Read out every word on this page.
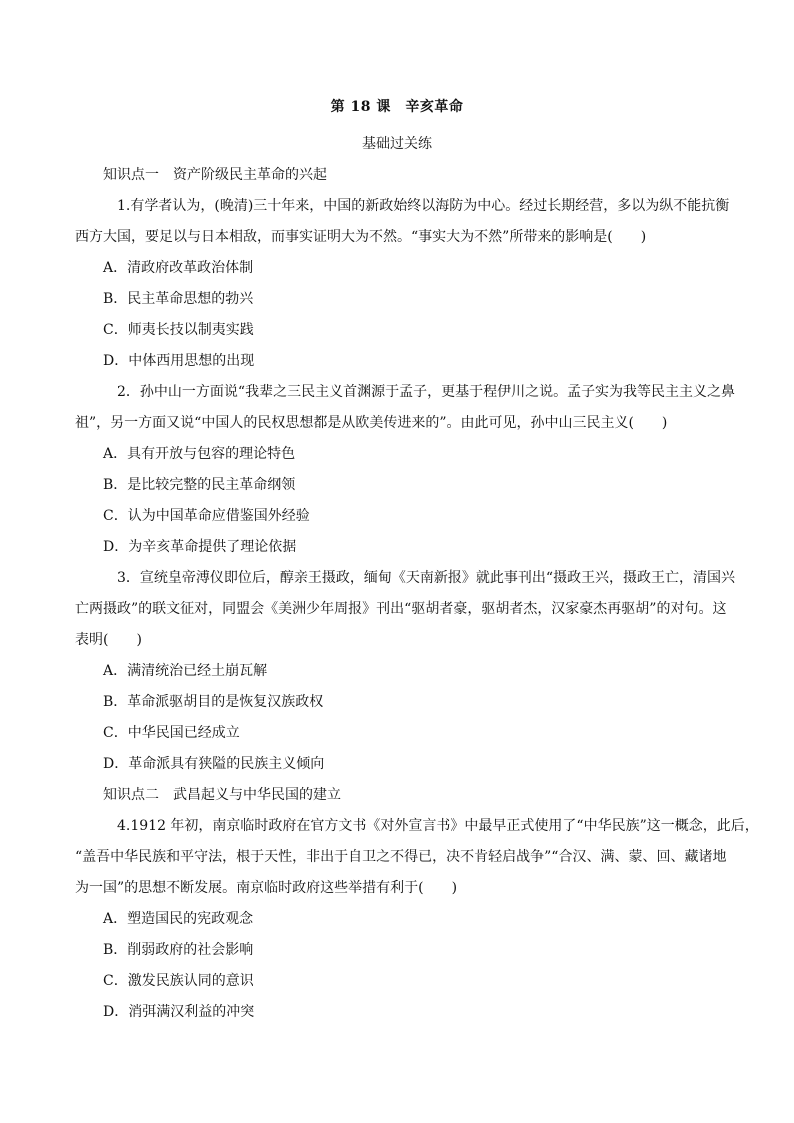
第 18 课　辛亥革命
基础过关练
知识点一　资产阶级民主革命的兴起
1.有学者认为，(晚清)三十年来，中国的新政始终以海防为中心。经过长期经营，多以为纵不能抗衡
西方大国，要足以与日本相敌，而事实证明大为不然。“事实大为不然”所带来的影响是(　　)
A．清政府改革政治体制
B．民主革命思想的勃兴
C．师夷长技以制夷实践
D．中体西用思想的出现
2．孙中山一方面说“我辈之三民主义首渊源于孟子，更基于程伊川之说。孟子实为我等民主主义之鼻
祖”，另一方面又说“中国人的民权思想都是从欧美传进来的”。由此可见，孙中山三民主义(　　)
A．具有开放与包容的理论特色
B．是比较完整的民主革命纲领
C．认为中国革命应借鉴国外经验
D．为辛亥革命提供了理论依据
3．宣统皇帝溥仪即位后，醇亲王摄政，缅甸《天南新报》就此事刊出“摄政王兴，摄政王亡，清国兴
亡两摄政”的联文征对，同盟会《美洲少年周报》刊出“驱胡者豪，驱胡者杰，汉家豪杰再驱胡”的对句。这
表明(　　)
A．满清统治已经土崩瓦解
B．革命派驱胡目的是恢复汉族政权
C．中华民国已经成立
D．革命派具有狭隘的民族主义倾向
知识点二　武昌起义与中华民国的建立
4.1912 年初，南京临时政府在官方文书《对外宣言书》中最早正式使用了“中华民族”这一概念，此后，
“盖吾中华民族和平守法，根于天性，非出于自卫之不得已，决不肯轻启战争”“合汉、满、蒙、回、藏诸地
为一国”的思想不断发展。南京临时政府这些举措有利于(　　)
A．塑造国民的宪政观念
B．削弱政府的社会影响
C．激发民族认同的意识
D．消弭满汉利益的冲突
